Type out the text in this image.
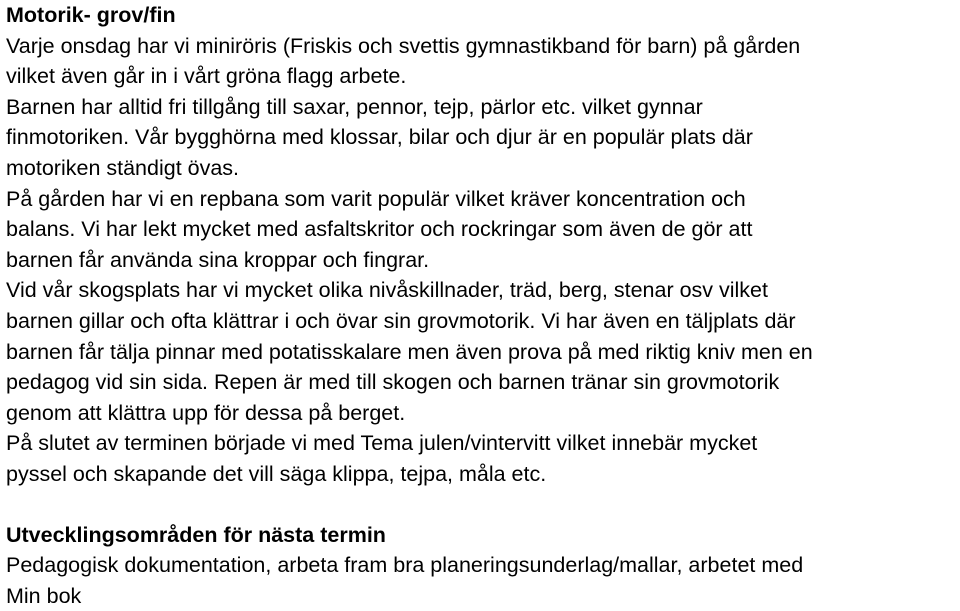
Motorik- grov/fin
Varje onsdag har vi miniröris (Friskis och svettis gymnastikband för barn) på gården
vilket även går in i vårt gröna flagg arbete.
Barnen har alltid fri tillgång till saxar, pennor, tejp, pärlor etc. vilket gynnar
finmotoriken. Vår bygghörna med klossar, bilar och djur är en populär plats där
motoriken ständigt övas.
På gården har vi en repbana som varit populär vilket kräver koncentration och
balans. Vi har lekt mycket med asfaltskritor och rockringar som även de gör att
barnen får använda sina kroppar och fingrar.
Vid vår skogsplats har vi mycket olika nivåskillnader, träd, berg, stenar osv vilket
barnen gillar och ofta klättrar i och övar sin grovmotorik. Vi har även en täljplats där
barnen får tälja pinnar med potatisskalare men även prova på med riktig kniv men en
pedagog vid sin sida. Repen är med till skogen och barnen tränar sin grovmotorik
genom att klättra upp för dessa på berget.
På slutet av terminen började vi med Tema julen/vintervitt vilket innebär mycket
pyssel och skapande det vill säga klippa, tejpa, måla etc.
Utvecklingsområden för nästa termin
Pedagogisk dokumentation, arbeta fram bra planeringsunderlag/mallar, arbetet med
Min bok
